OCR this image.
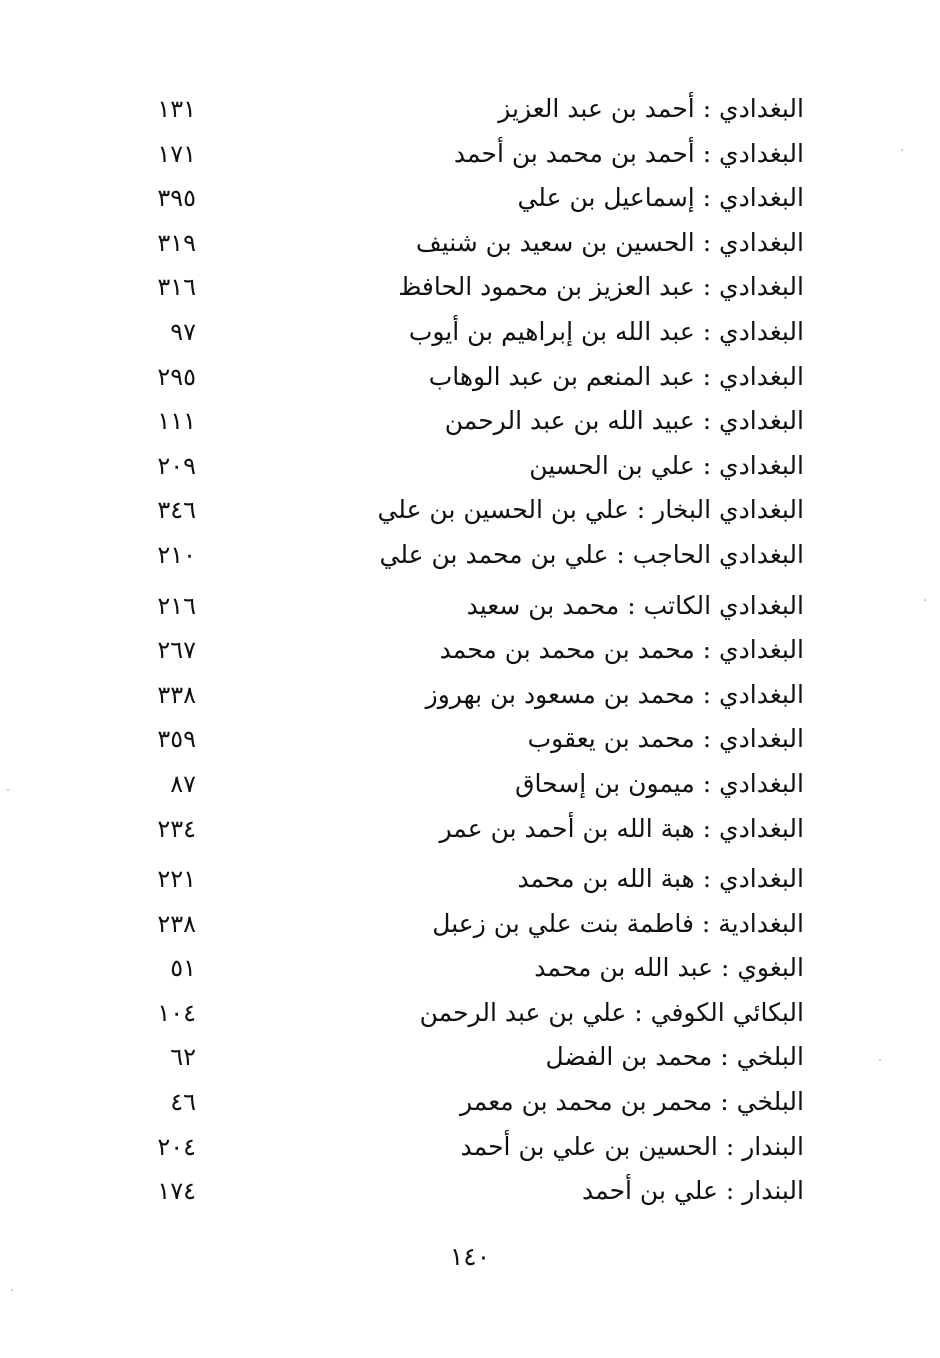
البغدادي : أحمد بن عبد العزيز
١٣١
البغدادي : أحمد بن محمد بن أحمد
١٧١
البغدادي : إسماعيل بن علي
٣٩٥
البغدادي : الحسين بن سعيد بن شنيف
٣١٩
البغدادي : عبد العزيز بن محمود الحافظ
٣١٦
البغدادي : عبد الله بن إبراهيم بن أيوب
٩٧
البغدادي : عبد المنعم بن عبد الوهاب
٢٩٥
البغدادي : عبيد الله بن عبد الرحمن
١١١
البغدادي : علي بن الحسين
٢٠٩
البغدادي البخار : علي بن الحسين بن علي
٣٤٦
البغدادي الحاجب : علي بن محمد بن علي
٢١٠
البغدادي الكاتب : محمد بن سعيد
٢١٦
البغدادي : محمد بن محمد بن محمد
٢٦٧
البغدادي : محمد بن مسعود بن بهروز
٣٣٨
البغدادي : محمد بن يعقوب
٣٥٩
البغدادي : ميمون بن إسحاق
٨٧
البغدادي : هبة الله بن أحمد بن عمر
٢٣٤
البغدادي : هبة الله بن محمد
٢٢١
البغدادية : فاطمة بنت علي بن زعبل
٢٣٨
البغوي : عبد الله بن محمد
٥١
البكائي الكوفي : علي بن عبد الرحمن
١٠٤
البلخي : محمد بن الفضل
٦٢
البلخي : محمر بن محمد بن معمر
٤٦
البندار : الحسين بن علي بن أحمد
٢٠٤
البندار : علي بن أحمد
١٧٤
١٤٠
